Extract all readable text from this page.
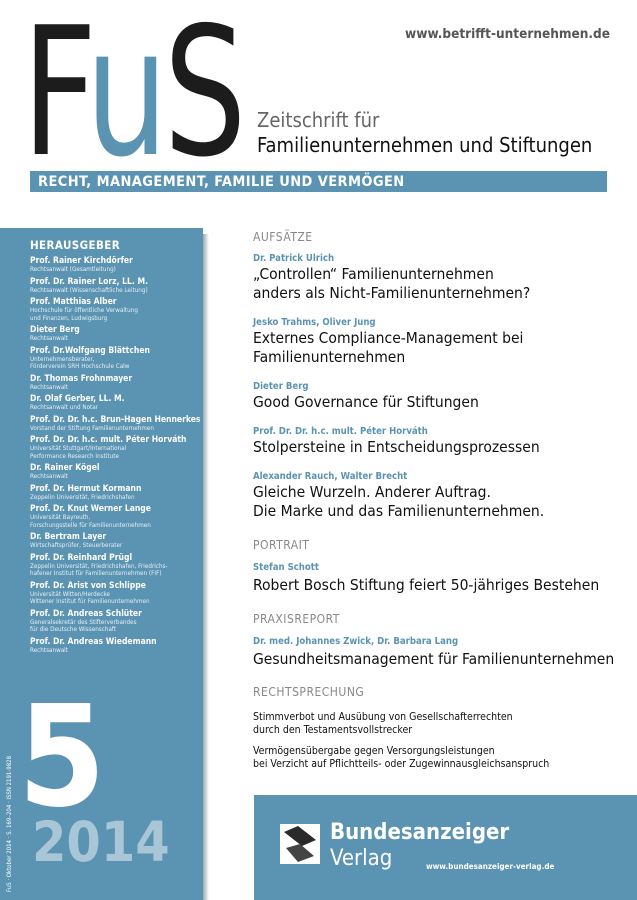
FuS	www.betrifft-unternehmen.de
Zeitschrift für
Familienunternehmen und Stiftungen
RECHT, MANAGEMENT, FAMILIE UND VERMÖGEN
HERAUSGEBER
Prof. Rainer Kirchdörfer
Rechtsanwalt (Gesamtleitung)
Prof. Dr. Rainer Lorz, LL. M.
Rechtsanwalt (Wissenschaftliche Leitung)
Prof. Matthias Alber
Hochschule für öffentliche Verwaltung
und Finanzen, Ludwigsburg
Dieter Berg
Rechtsanwalt
Prof. Dr.Wolfgang Blättchen
Unternehmensberater,
Förderverein SRH Hochschule Calw
Dr. Thomas Frohnmayer
Rechtsanwalt
Dr. Olaf Gerber, LL. M.
Rechtsanwalt und Notar
Prof. Dr. Dr. h.c. Brun-Hagen Hennerkes
Vorstand der Stiftung Familienunternehmen
Prof. Dr. Dr. h.c. mult. Péter Horváth
Universität Stuttgart/International
Performance Research Institute
Dr. Rainer Kögel
Rechtsanwalt
Prof. Dr. Hermut Kormann
Zeppelin Universität, Friedrichshafen
Prof. Dr. Knut Werner Lange
Universität Bayreuth,
Forschungsstelle für Familienunternehmen
Dr. Bertram Layer
Wirtschaftsprüfer, Steuerberater
Prof. Dr. Reinhard Prügl
Zeppelin Universität, Friedrichshafen, Friedrichs-
hafener Institut für Familienunternehmen (FIF)
Prof. Dr. Arist von Schlippe
Universität Witten/Herdecke
Wittener Institut für Familienunternehmen
Prof. Dr. Andreas Schlüter
Generalsekretär des Stifterverbandes
für die Deutsche Wissenschaft
Prof. Dr. Andreas Wiedemann
Rechtsanwalt
5
2014
FuS · Oktober 2014 · S. 169–204 · ISSN 2191-9828
AUFSÄTZE
Dr. Patrick Ulrich
„Controllen“ Familienunternehmen
anders als Nicht-Familienunternehmen?
Jesko Trahms, Oliver Jung
Externes Compliance-Management bei
Familienunternehmen
Dieter Berg
Good Governance für Stiftungen
Prof. Dr. Dr. h.c. mult. Péter Horváth
Stolpersteine in Entscheidungsprozessen
Alexander Rauch, Walter Brecht
Gleiche Wurzeln. Anderer Auftrag.
Die Marke und das Familienunternehmen.
PORTRAIT
Stefan Schott
Robert Bosch Stiftung feiert 50-jähriges Bestehen
PRAXISREPORT
Dr. med. Johannes Zwick, Dr. Barbara Lang
Gesundheitsmanagement für Familienunternehmen
RECHTSPRECHUNG
Stimmverbot und Ausübung von Gesellschafterrechten
durch den Testamentsvollstrecker
Vermögensübergabe gegen Versorgungsleistungen
bei Verzicht auf Pflichtteils- oder Zugewinnausgleichsanspruch
Bundesanzeiger
Verlag	www.bundesanzeiger-verlag.de
